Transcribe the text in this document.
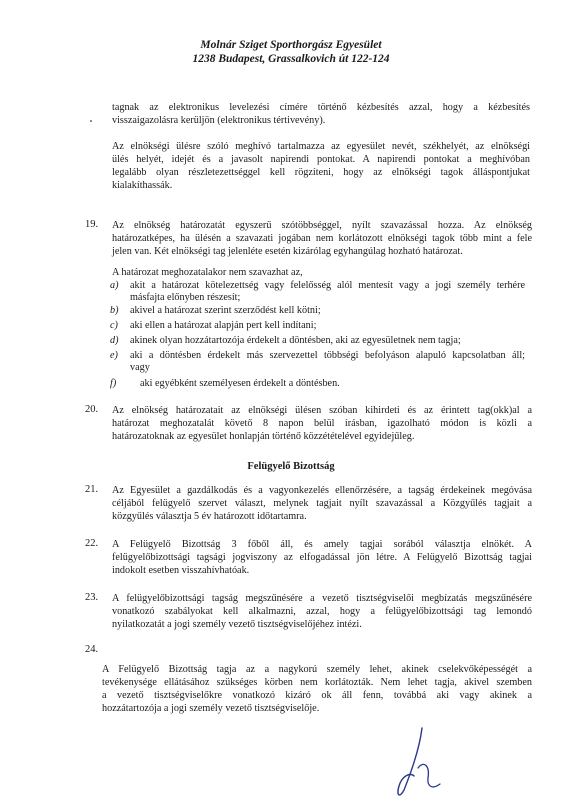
Molnár Sziget Sporthorgász Egyesület
1238 Budapest, Grassalkovich út 122-124
tagnak az elektronikus levelezési címére történő kézbesítés azzal, hogy a kézbesítés
visszaigazolásra kerüljön (elektronikus tértivevény).
Az elnökségi ülésre szóló meghívó tartalmazza az egyesület nevét, székhelyét, az elnökségi
ülés helyét, idejét és a javasolt napirendi pontokat. A napirendi pontokat a meghívóban
legalább olyan részletezettséggel kell rögzíteni, hogy az elnökségi tagok álláspontjukat
kialakíthassák.
19. Az elnökség határozatát egyszerű szótöbbséggel, nyílt szavazással hozza. Az elnökség
határozatképes, ha ülésén a szavazati jogában nem korlátozott elnökségi tagok több mint a fele
jelen van. Két elnökségi tag jelenléte esetén kizárólag egyhangúlag hozható határozat.
A határozat meghozatalakor nem szavazhat az,
a) akit a határozat kötelezettség vagy felelősség alól mentesít vagy a jogi személy terhére
másfajta előnyben részesít;
b) akivel a határozat szerint szerződést kell kötni;
c) aki ellen a határozat alapján pert kell indítani;
d) akinek olyan hozzátartozója érdekelt a döntésben, aki az egyesületnek nem tagja;
e) aki a döntésben érdekelt más szervezettel többségi befolyáson alapuló kapcsolatban áll;
vagy
f) aki egyébként személyesen érdekelt a döntésben.
20. Az elnökség határozatait az elnökségi ülésen szóban kihirdeti és az érintett tag(okk)al a
határozat meghozatalát követő 8 napon belül írásban, igazolható módon is közli a
határozatoknak az egyesület honlapján történő közzétételével egyidejűleg.
Felügyelő Bizottság
21. Az Egyesület a gazdálkodás és a vagyonkezelés ellenőrzésére, a tagság érdekeinek megóvása
céljából felügyelő szervet választ, melynek tagjait nyílt szavazással a Közgyűlés tagjait a
közgyűlés választja 5 év határozott időtartamra.
22. A Felügyelő Bizottság 3 főből áll, és amely tagjai sorából választja elnökét. A
felügyelőbizottsági tagsági jogviszony az elfogadással jön létre. A Felügyelő Bizottság tagjai
indokolt esetben visszahívhatóak.
23. A felügyelőbizottsági tagság megszűnésére a vezető tisztségviselői megbízatás megszűnésére
vonatkozó szabályokat kell alkalmazni, azzal, hogy a felügyelőbizottsági tag lemondó
nyilatkozatát a jogi személy vezető tisztségviselőjéhez intézi.
24.
A Felügyelő Bizottság tagja az a nagykorú személy lehet, akinek cselekvőképességét a
tevékenysége ellátásához szükséges körben nem korlátozták. Nem lehet tagja, akivel szemben
a vezető tisztségviselőkre vonatkozó kizáró ok áll fenn, továbbá aki vagy akinek a
hozzátartozója a jogi személy vezető tisztségviselője.
